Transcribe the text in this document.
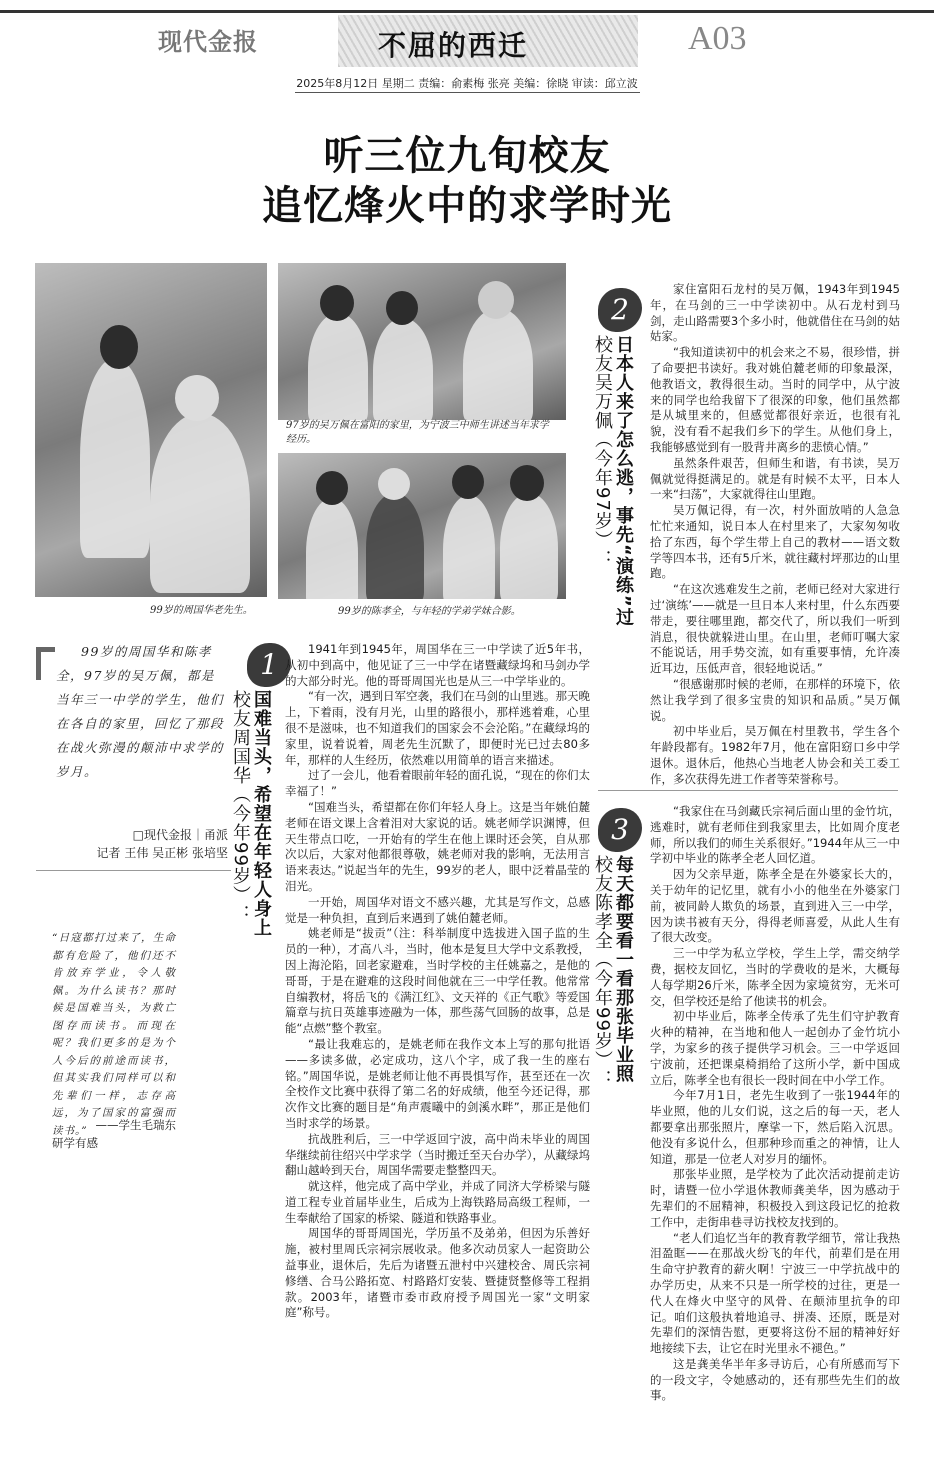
现代金报	不屈的西迁	A03
2025年8月12日 星期二 责编：俞素梅 张亮 美编：徐晓 审读：邱立波
听三位九旬校友
追忆烽火中的求学时光
99岁的周国华老先生。
97岁的吴万佩在富阳的家里，为宁波三中师生讲述当年求学经历。
99岁的陈孝全，与年轻的学弟学妹合影。
99岁的周国华和陈孝全，97岁的吴万佩，都是当年三一中学的学生，他们在各自的家里，回忆了那段在战火弥漫的颠沛中求学的岁月。
□现代金报｜甬派
记者 王伟 吴正彬 张培坚
“日寇都打过来了，生命都有危险了，他们还不肯放弃学业，令人敬佩。为什么读书？那时候是国难当头，为救亡图存而读书。而现在呢？我们更多的是为个人今后的前途而读书，但其实我们同样可以和先辈们一样，志存高远，为了国家的富强而读书。” ——学生毛瑞东
研学有感
1
国难当头，希望在年轻人身上
校友周国华（今年99岁）：

1941年到1945年，周国华在三一中学读了近5年书，从初中到高中，他见证了三一中学在诸暨藏绿坞和马剑办学的大部分时光。他的哥哥周国光也是从三一中学毕业的。

“有一次，遇到日军空袭，我们在马剑的山里逃。那天晚上，下着雨，没有月光，山里的路很小，那样逃着难，心里很不是滋味，也不知道我们的国家会不会沦陷。”在藏绿坞的家里，说着说着，周老先生沉默了，即便时光已过去80多年，那样的人生经历，依然难以用简单的语言来描述。

过了一会儿，他看着眼前年轻的面孔说，“现在的你们太幸福了！”

“国难当头，希望都在你们年轻人身上。这是当年姚伯麓老师在语文课上含着泪对大家说的话。姚老师学识渊博，但天生带点口吃，一开始有的学生在他上课时还会笑，自从那次以后，大家对他都很尊敬，姚老师对我的影响，无法用言语来表达。”说起当年的先生，99岁的老人，眼中泛着晶莹的泪光。

一开始，周国华对语文不感兴趣，尤其是写作文，总感觉是一种负担，直到后来遇到了姚伯麓老师。

姚老师是“拔贡”（注：科举制度中选拔进入国子监的生员的一种），才高八斗，当时，他本是复旦大学中文系教授，因上海沦陷，回老家避难，当时学校的主任姚嘉之，是他的哥哥，于是在避难的这段时间他就在三一中学任教。他常常自编教材，将岳飞的《满江红》、文天祥的《正气歌》等爱国篇章与抗日英雄事迹融为一体，那些荡气回肠的故事，总是能“点燃”整个教室。

“最让我难忘的，是姚老师在我作文本上写的那句批语——多读多做，必定成功，这八个字，成了我一生的座右铭。”周国华说，是姚老师让他不再畏惧写作，甚至还在一次全校作文比赛中获得了第二名的好成绩，他至今还记得，那次作文比赛的题目是“角声震曦中的剑溪水畔”，那正是他们当时求学的场景。

抗战胜利后，三一中学返回宁波，高中尚未毕业的周国华继续前往绍兴中学求学（当时搬迁至天台办学），从藏绿坞翻山越岭到天台，周国华需要走整整四天。

就这样，他完成了高中学业，并成了同济大学桥梁与隧道工程专业首届毕业生，后成为上海铁路局高级工程师，一生奉献给了国家的桥梁、隧道和铁路事业。

周国华的哥哥周国光，学历虽不及弟弟，但因为乐善好施，被村里周氏宗祠宗展收录。他多次动员家人一起资助公益事业，退休后，先后为诸暨五泄村中兴建校舍、周氏宗祠修缮、合马公路拓宽、村路路灯安装、暨捷贤整修等工程捐款。2003年，诸暨市委市政府授予周国光一家“文明家庭”称号。

2
日本人来了怎么逃，事先“演练”过
校友吴万佩（今年97岁）：

家住富阳石龙村的吴万佩，1943年到1945年，在马剑的三一中学读初中。从石龙村到马剑，走山路需要3个多小时，他就借住在马剑的姑姑家。

“我知道读初中的机会来之不易，很珍惜，拼了命要把书读好。我对姚伯麓老师的印象最深，他教语文，教得很生动。当时的同学中，从宁波来的同学也给我留下了很深的印象，他们虽然都是从城里来的，但感觉都很好亲近，也很有礼貌，没有看不起我们乡下的学生。从他们身上，我能够感觉到有一股背井离乡的悲愤心情。”

虽然条件艰苦，但师生和谐，有书读，吴万佩就觉得挺满足的。就是有时候不太平，日本人一来“扫荡”，大家就得往山里跑。

吴万佩记得，有一次，村外面放哨的人急急忙忙来通知，说日本人在村里来了，大家匆匆收拾了东西，每个学生带上自己的教材——语文数学等四本书，还有5斤米，就往藏村坪那边的山里跑。

“在这次逃难发生之前，老师已经对大家进行过‘演练’——就是一旦日本人来村里，什么东西要带走，要往哪里跑，都交代了，所以我们一听到消息，很快就躲进山里。在山里，老师叮嘱大家不能说话，用手势交流，如有重要事情，允许凑近耳边，压低声音，很轻地说话。”

“很感谢那时候的老师，在那样的环境下，依然让我学到了很多宝贵的知识和品质。”吴万佩说。

初中毕业后，吴万佩在村里教书，学生各个年龄段都有。1982年7月，他在富阳窈口乡中学退休。退休后，他热心当地老人协会和关工委工作，多次获得先进工作者等荣誉称号。

3
每天都要看一看那张毕业照
校友陈孝全（今年99岁）：

“我家住在马剑藏氏宗祠后面山里的金竹坑，逃难时，就有老师住到我家里去，比如周介度老师，所以我们的师生关系很好。”1944年从三一中学初中毕业的陈孝全老人回忆道。

因为父亲早逝，陈孝全是在外婆家长大的，关于幼年的记忆里，就有小小的他坐在外婆家门前，被同龄人欺负的场景，直到进入三一中学，因为读书被有天分，得得老师喜爱，从此人生有了很大改变。

三一中学为私立学校，学生上学，需交纳学费，据校友回忆，当时的学费收的是米，大概每人每学期26斤米，陈孝全因为家境贫穷，无米可交，但学校还是给了他读书的机会。

初中毕业后，陈孝全传承了先生们守护教育火种的精神，在当地和他人一起创办了金竹坑小学，为家乡的孩子提供学习机会。三一中学返回宁波前，还把课桌椅捐给了这所小学，新中国成立后，陈孝全也有很长一段时间在中小学工作。

今年7月1日，老先生收到了一张1944年的毕业照，他的儿女们说，这之后的每一天，老人都要拿出那张照片，摩挲一下，然后陷入沉思。他没有多说什么，但那种珍而重之的神情，让人知道，那是一位老人对岁月的缅怀。

那张毕业照，是学校为了此次活动提前走访时，请暨一位小学退休教师龚美华，因为感动于先辈们的不屈精神，积极投入到这段记忆的抢救工作中，走街串巷寻访找校友找到的。

“老人们追忆当年的教育教学细节，常让我热泪盈眶——在那战火纷飞的年代，前辈们是在用生命守护教育的薪火啊！宁波三一中学抗战中的办学历史，从来不只是一所学校的过往，更是一代人在烽火中坚守的风骨、在颠沛里抗争的印记。咱们这般执着地追寻、拼凑、还原，既是对先辈们的深情告慰，更要将这份不屈的精神好好地接续下去，让它在时光里永不褪色。”

这是龚美华半年多寻访后，心有所感而写下的一段文字，令她感动的，还有那些先生们的故事。
